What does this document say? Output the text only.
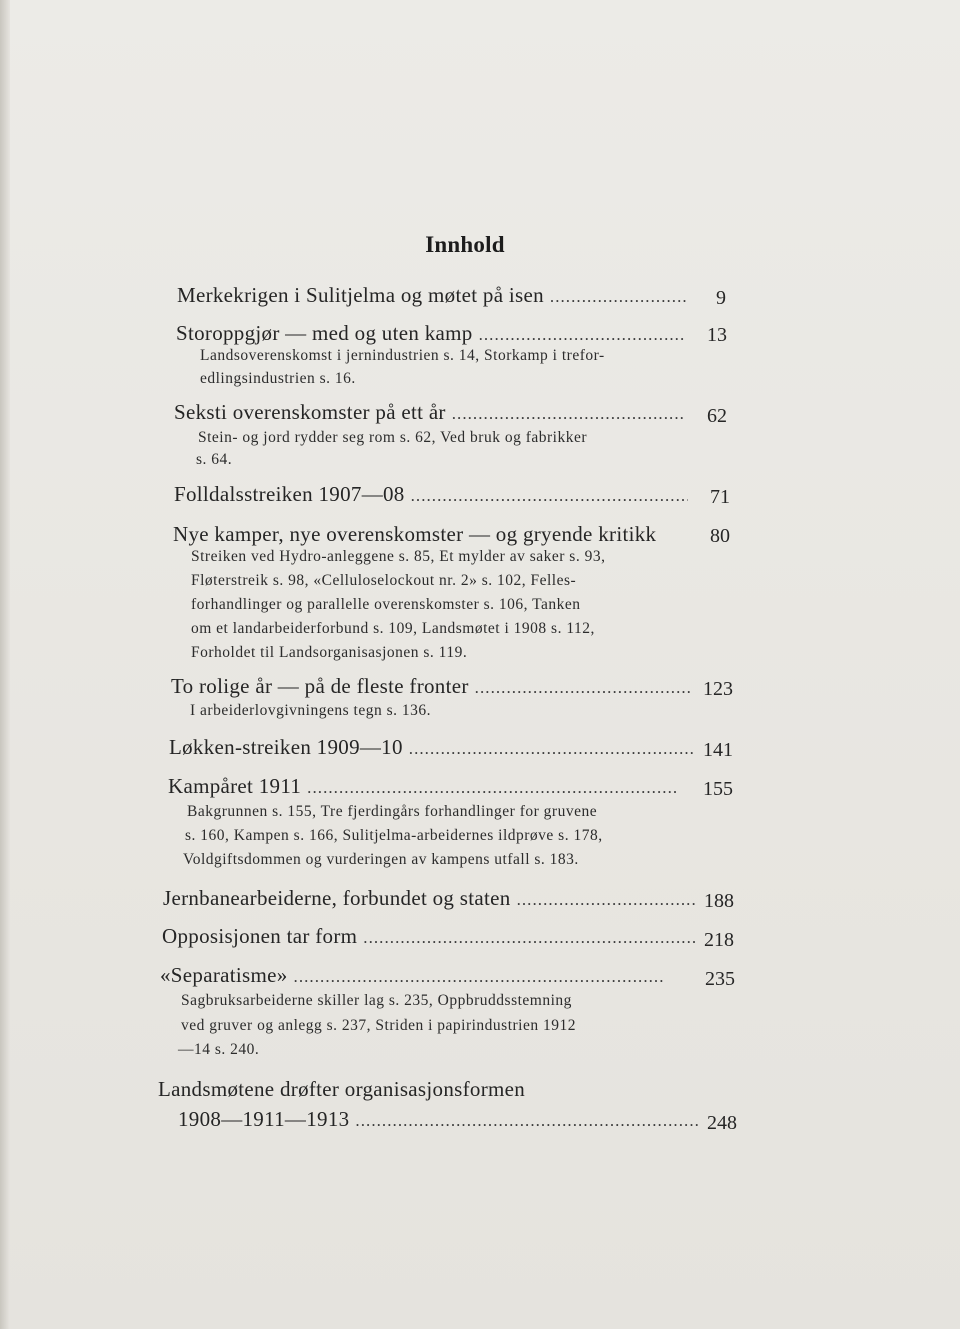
Innhold
Merkekrigen i Sulitjelma og møtet på isen . . .	9
Storoppgjør — med og uten kamp . . .	13
Landsoverenskomst i jernindustrien s. 14, Storkamp i trefor-
edlingsindustrien s. 16.
Seksti overenskomster på ett år . . .	62
Stein- og jord rydder seg rom s. 62, Ved bruk og fabrikker
s. 64.
Folldalsstreiken 1907—08 . . .	71
Nye kamper, nye overenskomster — og gryende kritikk	80
Streiken ved Hydro-anleggene s. 85, Et mylder av saker s. 93,
Fløterstreik s. 98, «Celluloselockout nr. 2» s. 102, Felles-
forhandlinger og parallelle overenskomster s. 106, Tanken
om et landarbeiderforbund s. 109, Landsmøtet i 1908 s. 112,
Forholdet til Landsorganisasjonen s. 119.
To rolige år — på de fleste fronter . . .	123
I arbeiderlovgivningens tegn s. 136.
Løkken-streiken 1909—10 . . .	141
Kampåret 1911 . . .	155
Bakgrunnen s. 155, Tre fjerdingårs forhandlinger for gruvene
s. 160, Kampen s. 166, Sulitjelma-arbeidernes ildprøve s. 178,
Voldgiftsdommen og vurderingen av kampens utfall s. 183.
Jernbanearbeiderne, forbundet og staten . . .	188
Opposisjonen tar form . . .	218
«Separatisme» . . .	235
Sagbruksarbeiderne skiller lag s. 235, Oppbruddsstemning
ved gruver og anlegg s. 237, Striden i papirindustrien 1912
—14 s. 240.
Landsmøtene drøfter organisasjonsformen
1908—1911—1913 . . .	248
